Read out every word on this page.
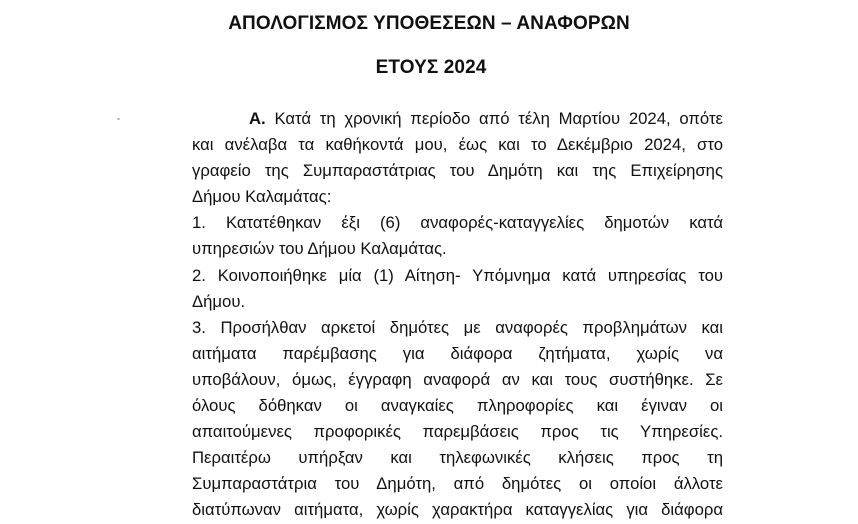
ΑΠΟΛΟΓΙΣΜΟΣ ΥΠΟΘΕΣΕΩΝ – ΑΝΑΦΟΡΩΝ
ΕΤΟΥΣ 2024
Α. Κατά τη χρονική περίοδο από τέλη Μαρτίου 2024, οπότε
και ανέλαβα τα καθήκοντά μου, έως και το Δεκέμβριο 2024, στο
γραφείο της Συμπαραστάτριας του Δημότη και της Επιχείρησης
Δήμου Καλαμάτας:
1. Κατατέθηκαν έξι (6) αναφορές-καταγγελίες δημοτών κατά
υπηρεσιών του Δήμου Καλαμάτας.
2. Κοινοποιήθηκε μία (1) Αίτηση- Υπόμνημα κατά υπηρεσίας του
Δήμου.
3. Προσήλθαν αρκετοί δημότες με αναφορές προβλημάτων και
αιτήματα παρέμβασης για διάφορα ζητήματα, χωρίς να
υποβάλουν, όμως, έγγραφη αναφορά αν και τους συστήθηκε. Σε
όλους δόθηκαν οι αναγκαίες πληροφορίες και έγιναν οι
απαιτούμενες προφορικές παρεμβάσεις προς τις Υπηρεσίες.
Περαιτέρω υπήρξαν και τηλεφωνικές κλήσεις προς τη
Συμπαραστάτρια του Δημότη, από δημότες οι οποίοι άλλοτε
διατύπωναν αιτήματα, χωρίς χαρακτήρα καταγγελίας για διάφορα
